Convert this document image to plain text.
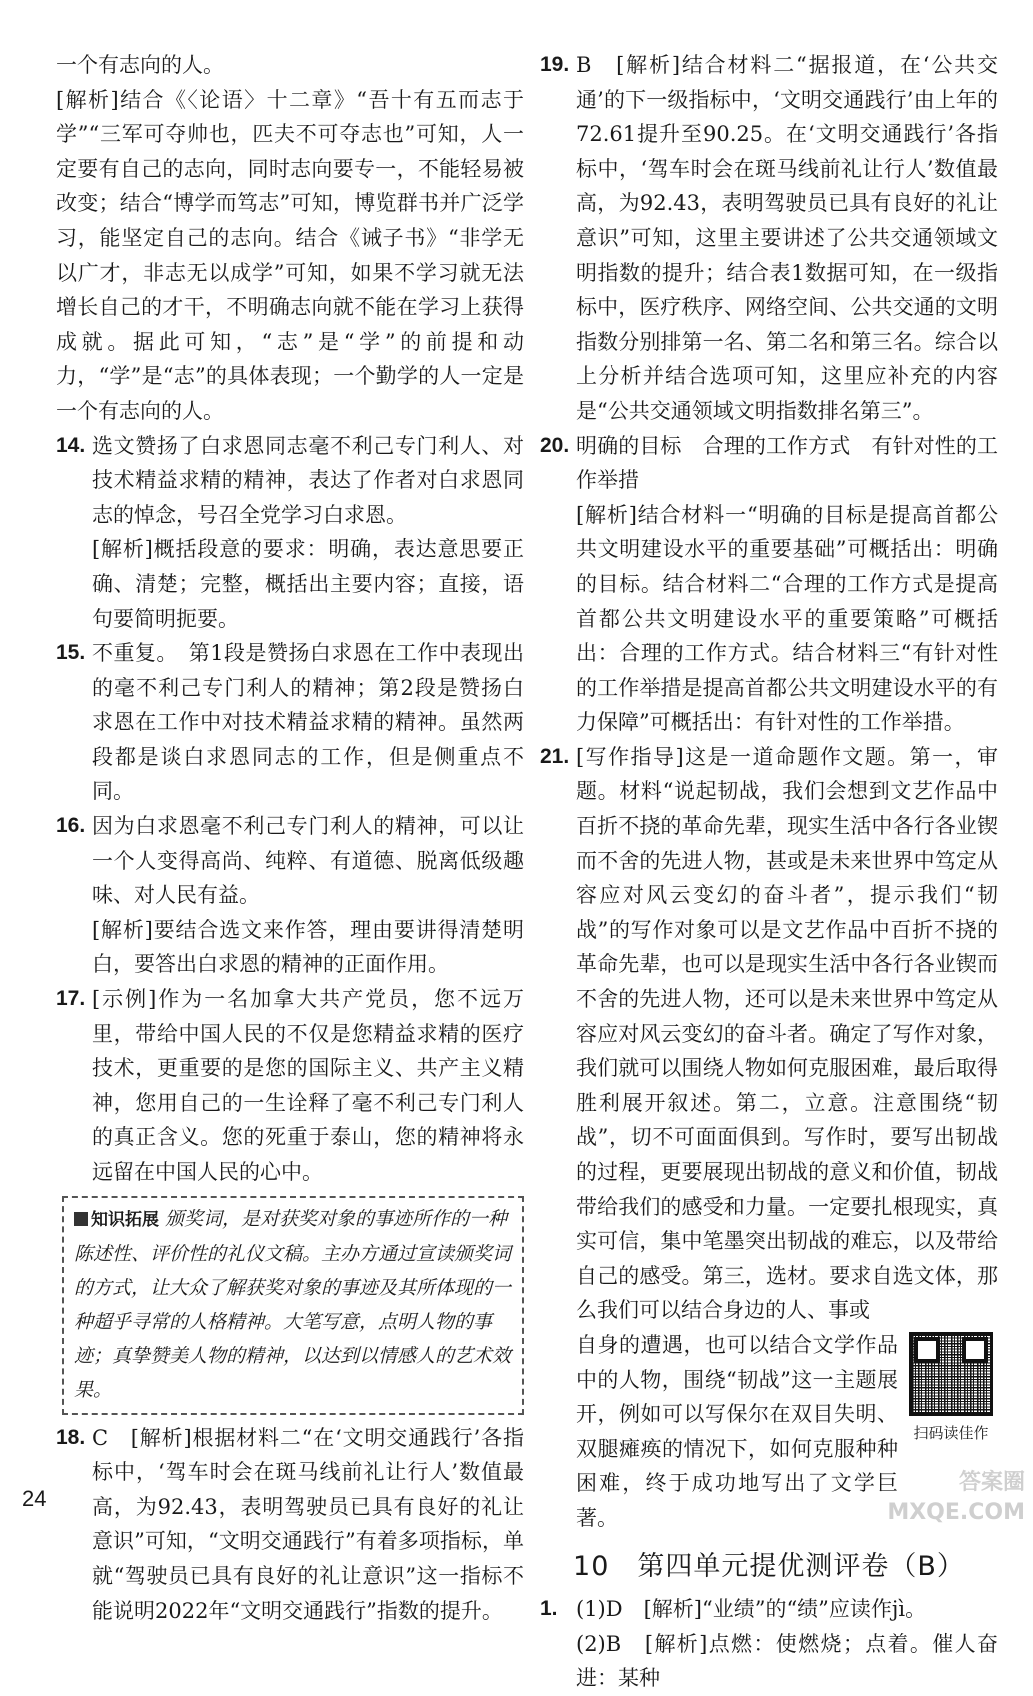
一个有志向的人。

[解析]结合《〈论语〉十二章》“吾十有五而志于学”“三军可夺帅也，匹夫不可夺志也”可知，人一定要有自己的志向，同时志向要专一，不能轻易被改变；结合“博学而笃志”可知，博览群书并广泛学习，能坚定自己的志向。结合《诫子书》“非学无以广才，非志无以成学”可知，如果不学习就无法增长自己的才干，不明确志向就不能在学习上获得成就。据此可知，“志”是“学”的前提和动力，“学”是“志”的具体表现；一个勤学的人一定是一个有志向的人。

14. 选文赞扬了白求恩同志毫不利己专门利人、对技术精益求精的精神，表达了作者对白求恩同志的悼念，号召全党学习白求恩。

[解析]概括段意的要求：明确，表达意思要正确、清楚；完整，概括出主要内容；直接，语句要简明扼要。

15. 不重复。　第1段是赞扬白求恩在工作中表现出的毫不利己专门利人的精神；第2段是赞扬白求恩在工作中对技术精益求精的精神。虽然两段都是谈白求恩同志的工作，但是侧重点不同。

16. 因为白求恩毫不利己专门利人的精神，可以让一个人变得高尚、纯粹、有道德、脱离低级趣味、对人民有益。

[解析]要结合选文来作答，理由要讲得清楚明白，要答出白求恩的精神的正面作用。

17. [示例]作为一名加拿大共产党员，您不远万里，带给中国人民的不仅是您精益求精的医疗技术，更重要的是您的国际主义、共产主义精神，您用自己的一生诠释了毫不利己专门利人的真正含义。您的死重于泰山，您的精神将永远留在中国人民的心中。

知识拓展 颁奖词，是对获奖对象的事迹所作的一种陈述性、评价性的礼仪文稿。主办方通过宣读颁奖词的方式，让大众了解获奖对象的事迹及其所体现的一种超乎寻常的人格精神。大笔写意，点明人物的事迹；真挚赞美人物的精神，以达到以情感人的艺术效果。
18. C　[解析]根据材料二“在‘文明交通践行’各指标中，‘驾车时会在斑马线前礼让行人’数值最高，为92.43，表明驾驶员已具有良好的礼让意识”可知，“文明交通践行”有着多项指标，单就“驾驶员已具有良好的礼让意识”这一指标不能说明2022年“文明交通践行”指数的提升。

19. B　[解析]结合材料二“据报道，在‘公共交通’的下一级指标中，‘文明交通践行’由上年的72.61提升至90.25。在‘文明交通践行’各指标中，‘驾车时会在斑马线前礼让行人’数值最高，为92.43，表明驾驶员已具有良好的礼让意识”可知，这里主要讲述了公共交通领域文明指数的提升；结合表1数据可知，在一级指标中，医疗秩序、网络空间、公共交通的文明指数分别排第一名、第二名和第三名。综合以上分析并结合选项可知，这里应补充的内容是“公共交通领域文明指数排名第三”。

20. 明确的目标　合理的工作方式　有针对性的工作举措

[解析]结合材料一“明确的目标是提高首都公共文明建设水平的重要基础”可概括出：明确的目标。结合材料二“合理的工作方式是提高首都公共文明建设水平的重要策略”可概括出：合理的工作方式。结合材料三“有针对性的工作举措是提高首都公共文明建设水平的有力保障”可概括出：有针对性的工作举措。

21. [写作指导]这是一道命题作文题。第一，审题。材料“说起韧战，我们会想到文艺作品中百折不挠的革命先辈，现实生活中各行各业锲而不舍的先进人物，甚或是未来世界中笃定从容应对风云变幻的奋斗者”，提示我们“韧战”的写作对象可以是文艺作品中百折不挠的革命先辈，也可以是现实生活中各行各业锲而不舍的先进人物，还可以是未来世界中笃定从容应对风云变幻的奋斗者。确定了写作对象，我们就可以围绕人物如何克服困难，最后取得胜利展开叙述。第二，立意。注意围绕“韧战”，切不可面面俱到。写作时，要写出韧战的过程，更要展现出韧战的意义和价值，韧战带给我们的感受和力量。一定要扎根现实，真实可信，集中笔墨突出韧战的难忘，以及带给自己的感受。第三，选材。要求自选文体，那么我们可以结合身边的人、事或

自身的遭遇，也可以结合文学作品中的人物，围绕“韧战”这一主题展开，例如可以写保尔在双目失明、双腿瘫痪的情况下，如何克服种种困难，终于成功地写出了文学巨著。

扫码读佳作
10　第四单元提优测评卷（B）
1. (1)D　[解析]“业绩”的“绩”应读作jì。

(2)B　[解析]点燃：使燃烧；点着。催人奋进：某种

24
答案圈 MXQE.COM
